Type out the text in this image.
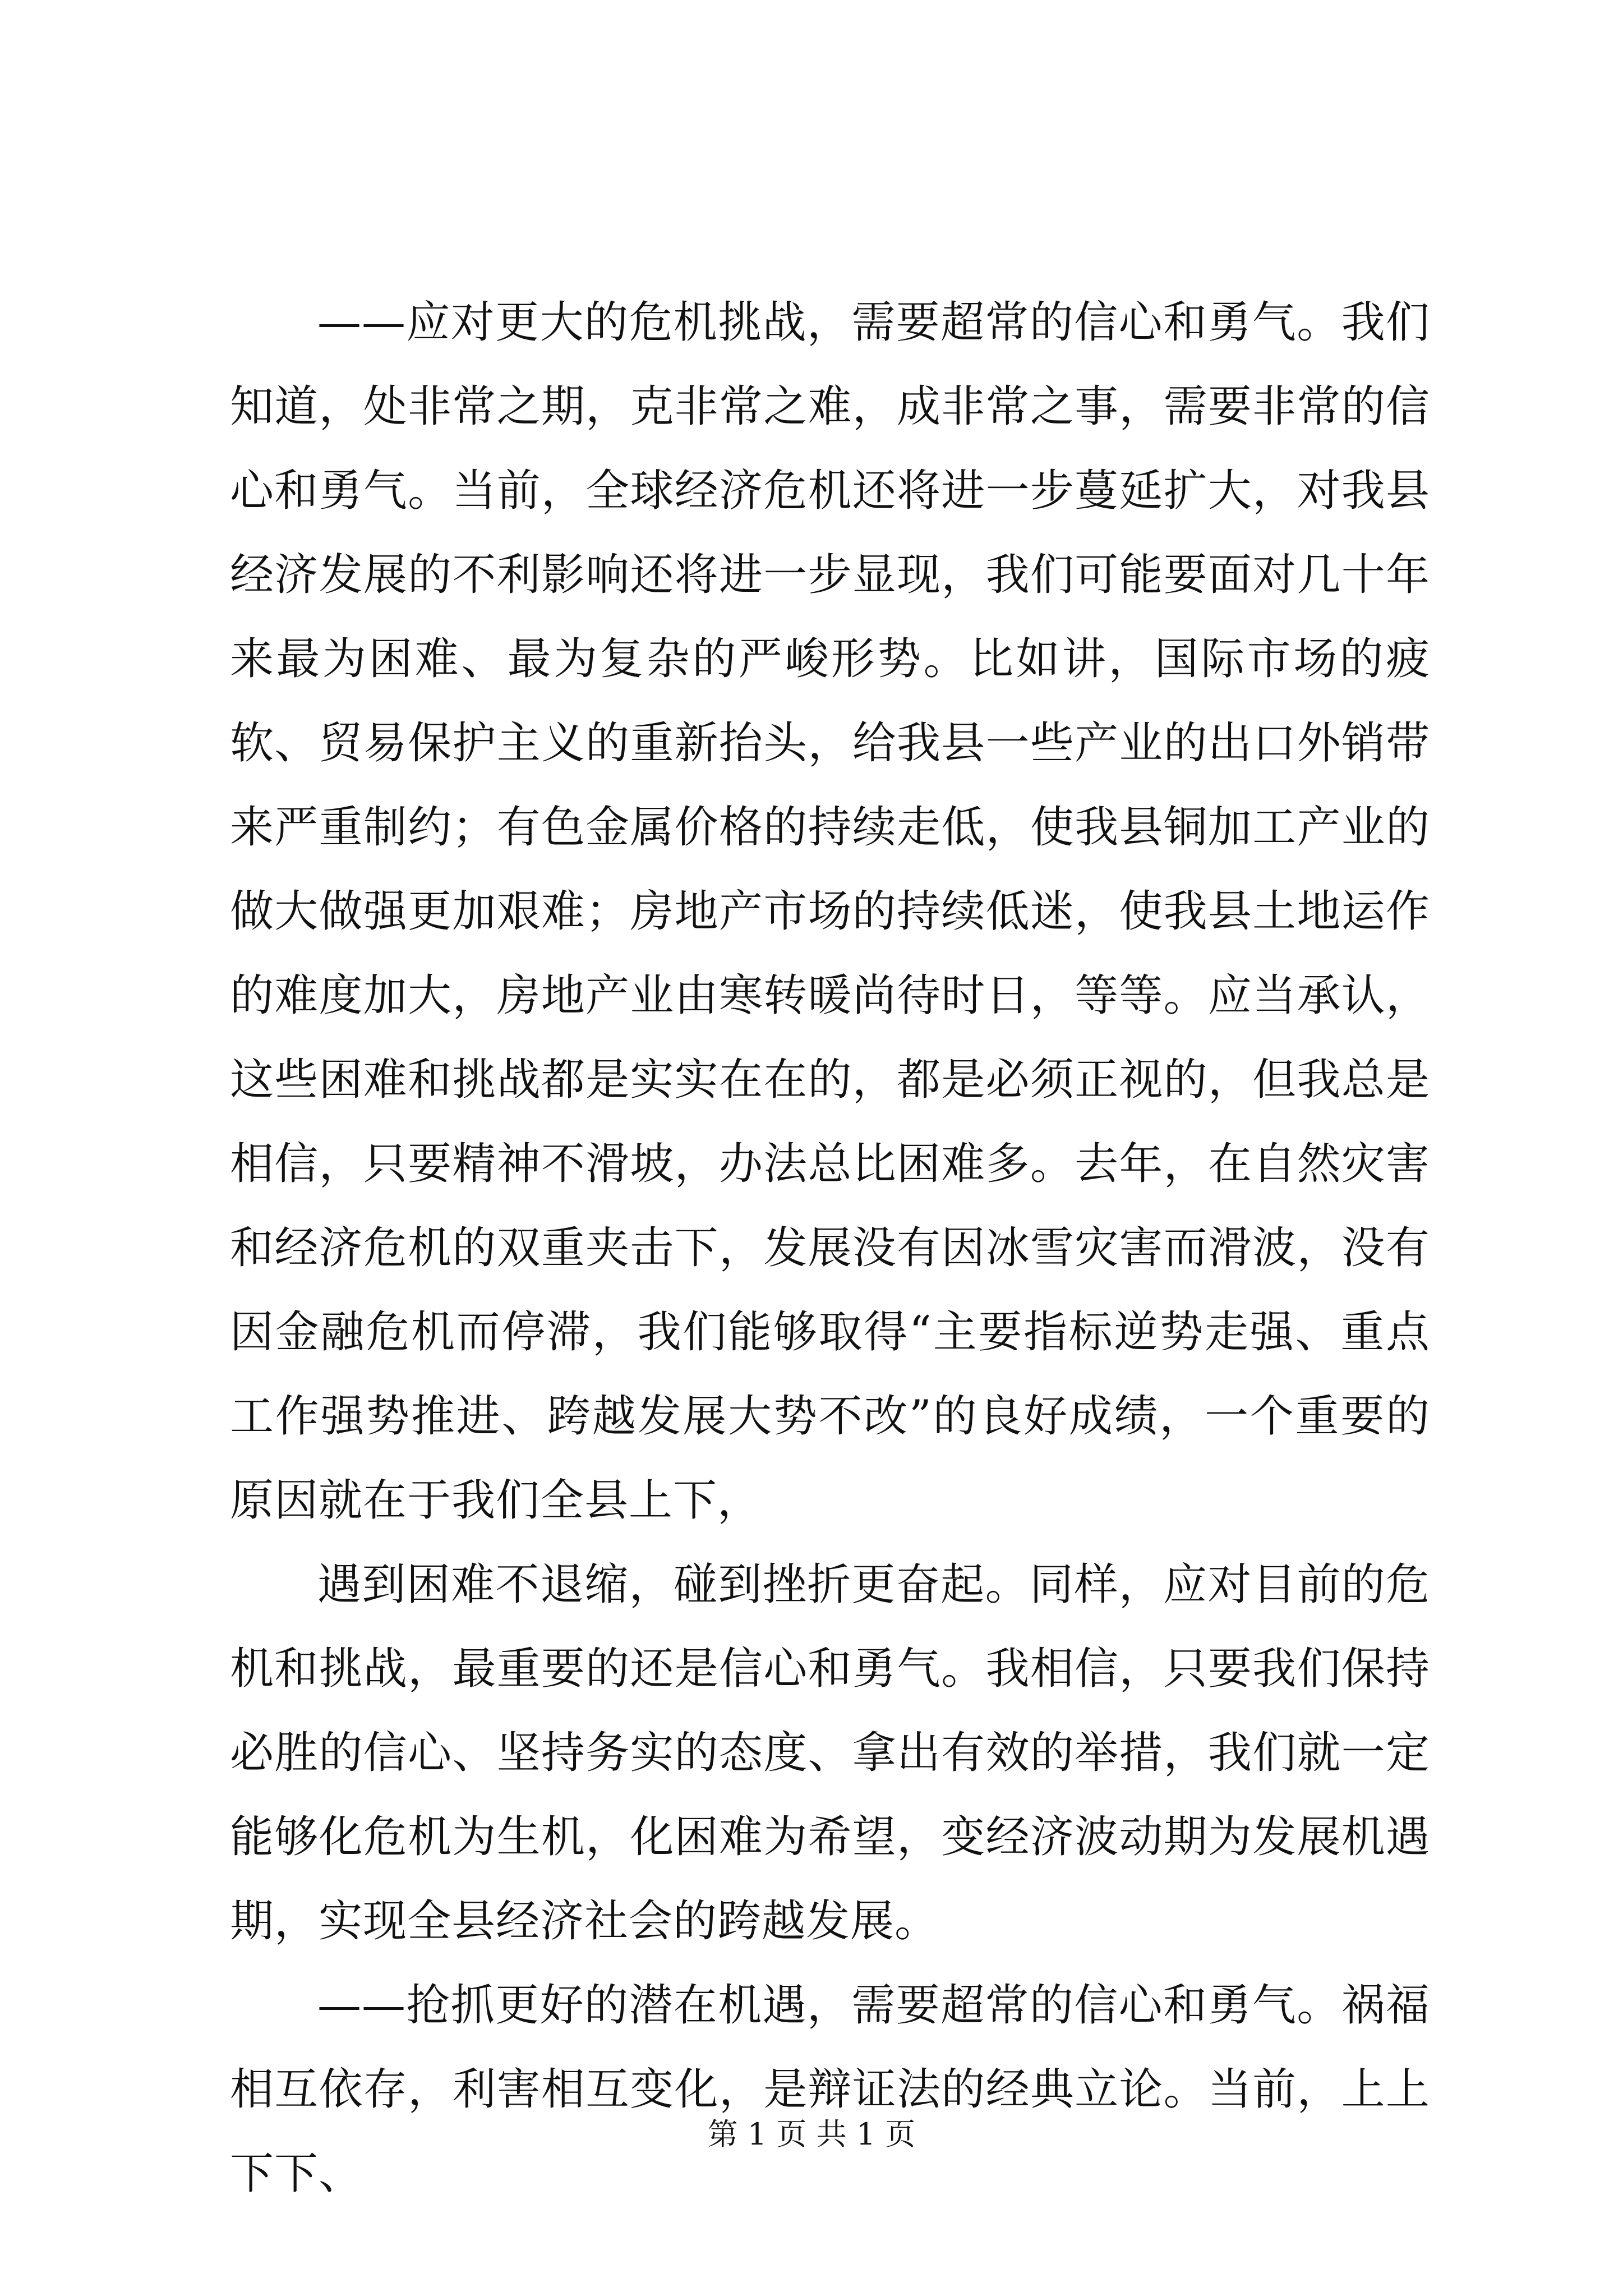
——应对更大的危机挑战，需要超常的信心和勇气。我们知道，处非常之期，克非常之难，成非常之事，需要非常的信心和勇气。当前，全球经济危机还将进一步蔓延扩大，对我县经济发展的不利影响还将进一步显现，我们可能要面对几十年来最为困难、最为复杂的严峻形势。比如讲，国际市场的疲软、贸易保护主义的重新抬头，给我县一些产业的出口外销带来严重制约；有色金属价格的持续走低，使我县铜加工产业的做大做强更加艰难；房地产市场的持续低迷，使我县土地运作的难度加大，房地产业由寒转暖尚待时日，等等。应当承认，这些困难和挑战都是实实在在的，都是必须正视的，但我总是相信，只要精神不滑坡，办法总比困难多。去年，在自然灾害和经济危机的双重夹击下，发展没有因冰雪灾害而滑波，没有因金融危机而停滞，我们能够取得“主要指标逆势走强、重点工作强势推进、跨越发展大势不改”的良好成绩，一个重要的原因就在于我们全县上下，

遇到困难不退缩，碰到挫折更奋起。同样，应对目前的危机和挑战，最重要的还是信心和勇气。我相信，只要我们保持必胜的信心、坚持务实的态度、拿出有效的举措，我们就一定能够化危机为生机，化困难为希望，变经济波动期为发展机遇期，实现全县经济社会的跨越发展。

——抢抓更好的潜在机遇，需要超常的信心和勇气。祸福相互依存，利害相互变化，是辩证法的经典立论。当前，上上下下、

第 1 页 共 1 页
